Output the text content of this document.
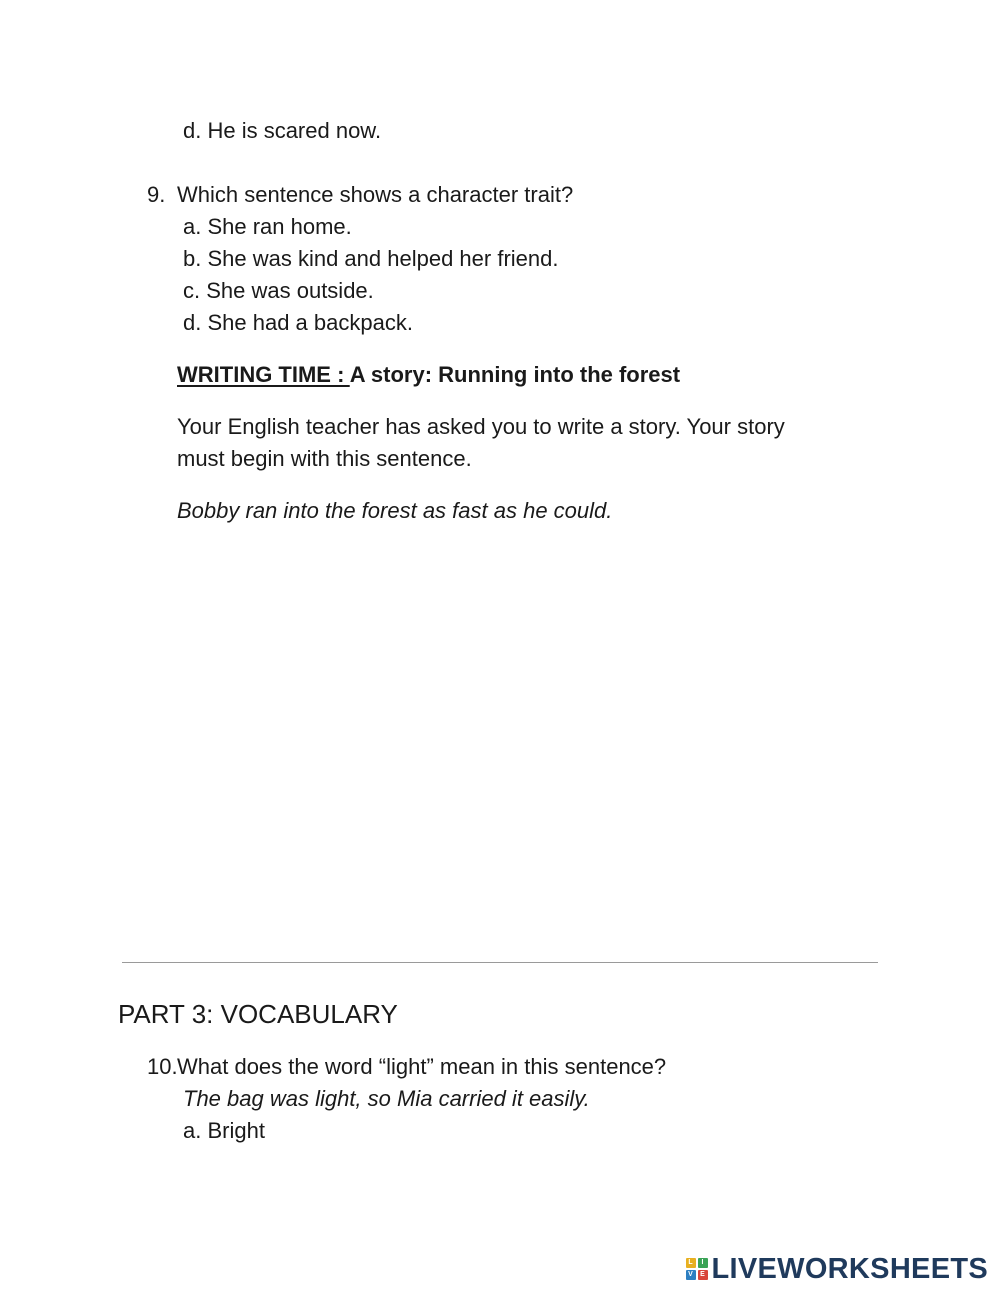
d. He is scared now.
9. Which sentence shows a character trait?
a. She ran home.
b. She was kind and helped her friend.
c. She was outside.
d. She had a backpack.
WRITING TIME : A story: Running into the forest
Your English teacher has asked you to write a story. Your story
must begin with this sentence.
Bobby ran into the forest as fast as he could.
PART 3: VOCABULARY
10. What does the word “light” mean in this sentence?
The bag was light, so Mia carried it easily.
a. Bright
L	I
V	E LIVEWORKSHEETS
